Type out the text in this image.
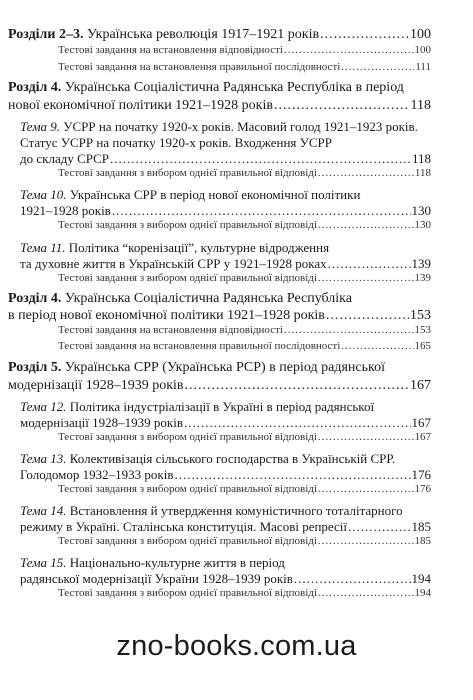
Розділи 2–3. Українська революція 1917–1921 років .....	100
Тестові завдання на встановлення відповідності .....	100
Тестові завдання на встановлення правильної послідовності .....	111
Розділ 4. Українська Соціалістична Радянська Республіка в період
нової економічної політики 1921–1928 років .....	118
Тема 9. УСРР на початку 1920-х років. Масовий голод 1921–1923 років.
Статус УСРР на початку 1920-х років. Входження УСРР
до складу СРСР .....	118
Тестові завдання з вибором однієї правильної відповіді .....	118
Тема 10. Українська СРР в період нової економічної політики
1921–1928 років .....	130
Тестові завдання з вибором однієї правильної відповіді .....	130
Тема 11. Політика “коренізації”, культурне відродження
та духовне життя в Українській СРР у 1921–1928 роках .....	139
Тестові завдання з вибором однієї правильної відповіді .....	139
Розділ 4. Українська Соціалістична Радянська Республіка
в період нової економічної політики 1921–1928 років .....	153
Тестові завдання на встановлення відповідності .....	153
Тестові завдання на встановлення правильної послідовності .....	165
Розділ 5. Українська СРР (Українська РСР) в період радянської
модернізації 1928–1939 років .....	167
Тема 12. Політика індустріалізації в Україні в період радянської
модернізації 1928–1939 років .....	167
Тестові завдання з вибором однієї правильної відповіді .....	167
Тема 13. Колективізація сільського господарства в Українській СРР.
Голодомор 1932–1933 років .....	176
Тестові завдання з вибором однієї правильної відповіді .....	176
Тема 14. Встановлення й утвердження комуністичного тоталітарного
режиму в Україні. Сталінська конституція. Масові репресії .....	185
Тестові завдання з вибором однієї правильної відповіді .....	185
Тема 15. Національно-культурне життя в період
радянської модернізації України 1928–1939 років .....	194
Тестові завдання з вибором однієї правильної відповіді .....	194
zno-books.com.ua
